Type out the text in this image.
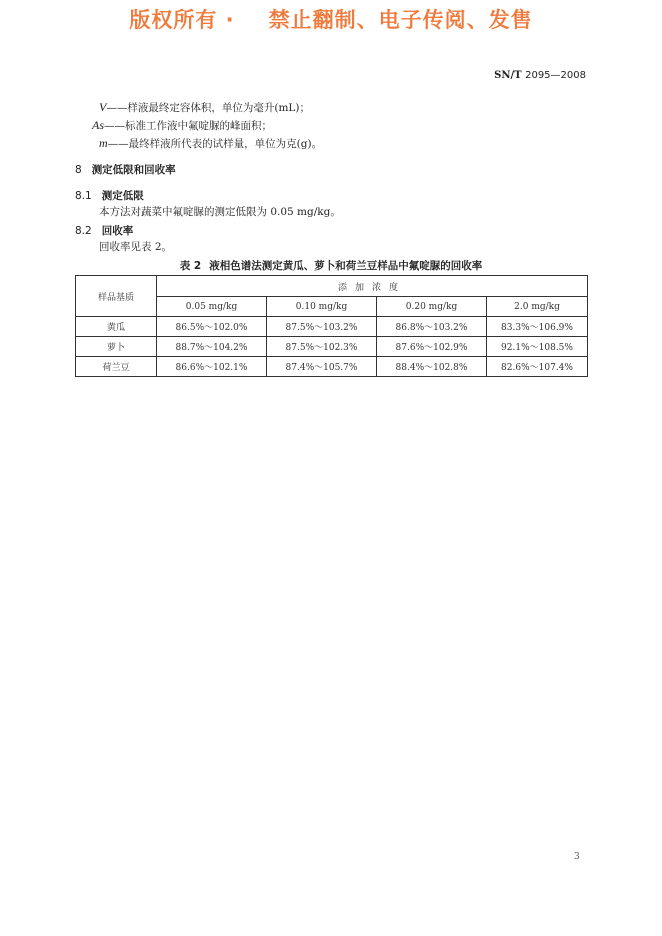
版权所有 · 禁止翻制、电子传阅、发售
SN/T 2095—2008
V——样液最终定容体积，单位为毫升(mL)；
As——标准工作液中氟啶脲的峰面积；
m——最终样液所代表的试样量，单位为克(g)。
8 测定低限和回收率
8.1 测定低限
本方法对蔬菜中氟啶脲的测定低限为 0.05 mg/kg。
8.2 回收率
回收率见表 2。
表 2 液相色谱法测定黄瓜、萝卜和荷兰豆样品中氟啶脲的回收率
样品基质	添加浓度			
	0.05 mg/kg	0.10 mg/kg	0.20 mg/kg	2.0 mg/kg
黄瓜	86.5%～102.0%	87.5%～103.2%	86.8%～103.2%	83.3%～106.9%
萝卜	88.7%～104.2%	87.5%～102.3%	87.6%～102.9%	92.1%～108.5%
荷兰豆	86.6%～102.1%	87.4%～105.7%	88.4%～102.8%	82.6%～107.4%
3
